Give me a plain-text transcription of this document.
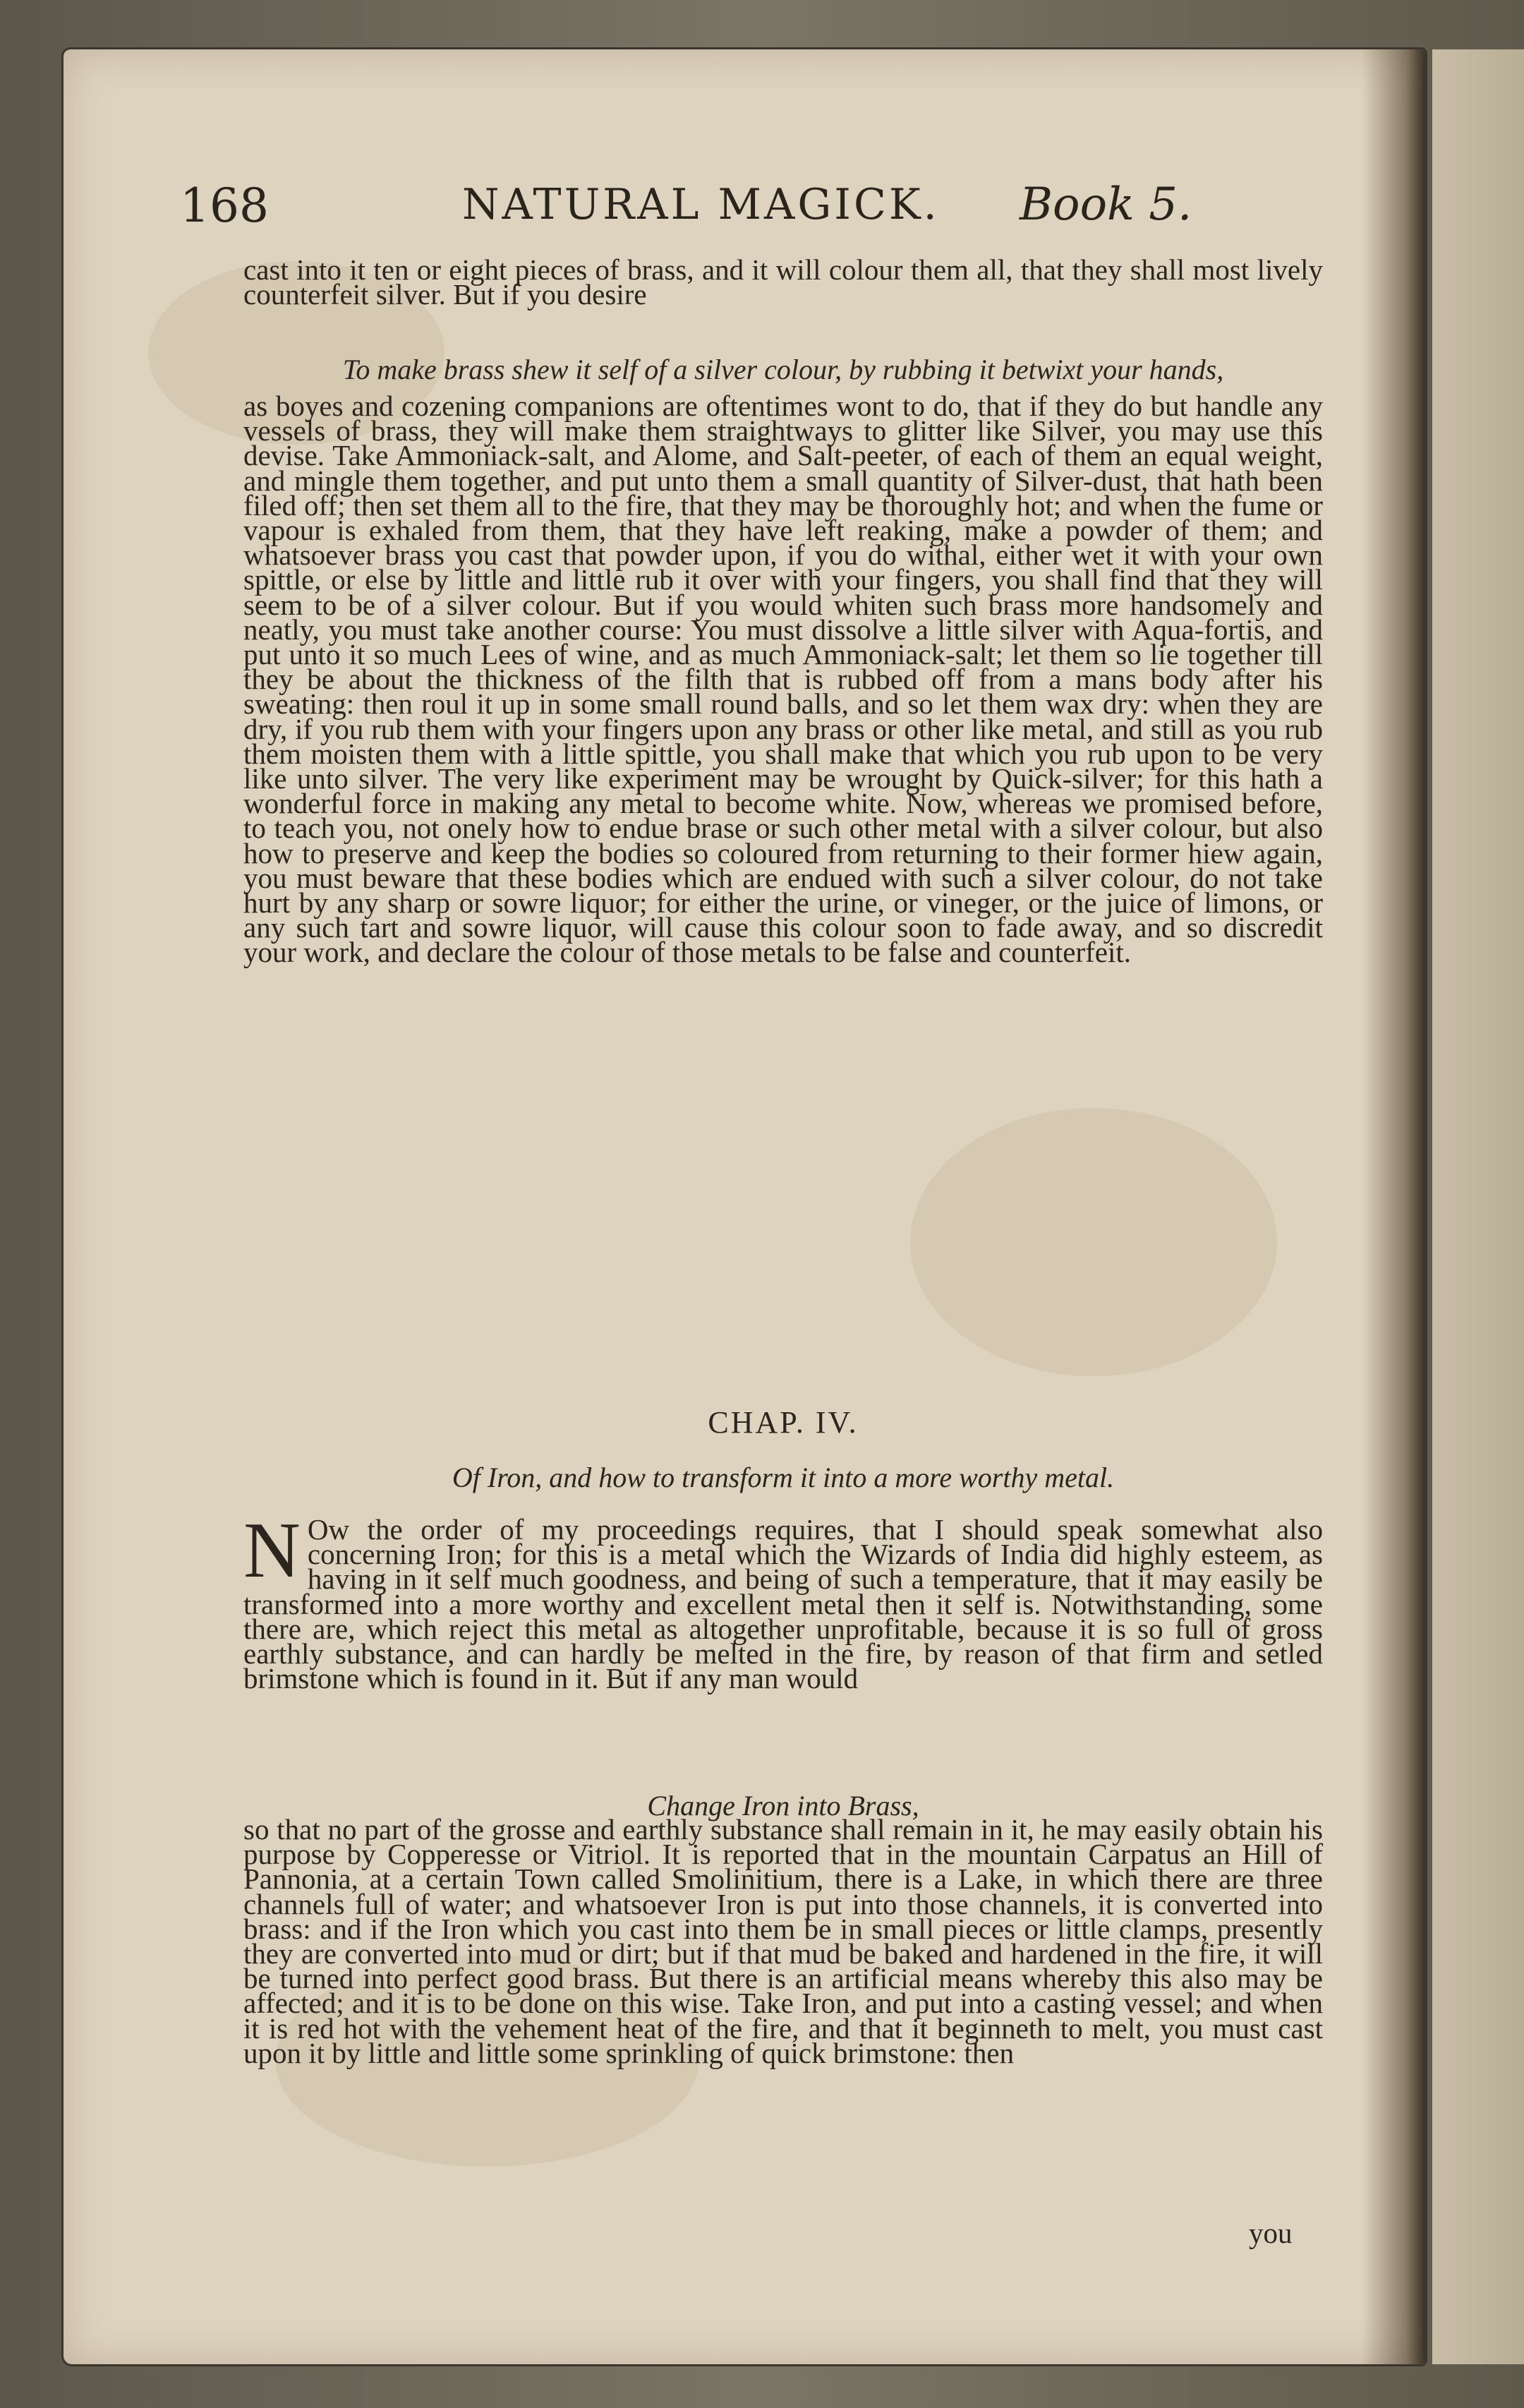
168	NATURAL MAGICK. Book 5.
cast into it ten or eight pieces of brass, and it will colour them all, that they shall most lively counterfeit silver. But if you desire
To make brass shew it self of a silver colour, by rubbing it betwixt your hands,
as boyes and cozening companions are oftentimes wont to do, that if they do but handle any vessels of brass, they will make them straightways to glitter like Silver, you may use this devise. Take Ammoniack-salt, and Alome, and Salt-peeter, of each of them an equal weight, and mingle them together, and put unto them a small quantity of Silver-dust, that hath been filed off; then set them all to the fire, that they may be thoroughly hot; and when the fume or vapour is exhaled from them, that they have left reaking, make a powder of them; and whatsoever brass you cast that powder upon, if you do withal, either wet it with your own spittle, or else by little and little rub it over with your fingers, you shall find that they will seem to be of a silver colour. But if you would whiten such brass more handsomely and neatly, you must take another course: You must dissolve a little silver with Aqua-fortis, and put unto it so much Lees of wine, and as much Ammoniack-salt; let them so lie together till they be about the thickness of the filth that is rubbed off from a mans body after his sweating: then roul it up in some small round balls, and so let them wax dry: when they are dry, if you rub them with your fingers upon any brass or other like metal, and still as you rub them moisten them with a little spittle, you shall make that which you rub upon to be very like unto silver. The very like experiment may be wrought by Quick-silver; for this hath a wonderful force in making any metal to become white. Now, whereas we promised before, to teach you, not onely how to endue brase or such other metal with a silver colour, but also how to preserve and keep the bodies so coloured from returning to their former hiew again, you must beware that these bodies which are endued with such a silver colour, do not take hurt by any sharp or sowre liquor; for either the urine, or vineger, or the juice of limons, or any such tart and sowre liquor, will cause this colour soon to fade away, and so discredit your work, and declare the colour of those metals to be false and counterfeit.
CHAP. IV.
Of Iron, and how to transform it into a more worthy metal.
N Ow the order of my proceedings requires, that I should speak somewhat also concerning Iron; for this is a metal which the Wizards of India did highly esteem, as having in it self much goodness, and being of such a temperature, that it may easily be transformed into a more worthy and excellent metal then it self is. Notwithstanding, some there are, which reject this metal as altogether unprofitable, because it is so full of gross earthly substance, and can hardly be melted in the fire, by reason of that firm and setled brimstone which is found in it. But if any man would
Change Iron into Brass,
so that no part of the grosse and earthly substance shall remain in it, he may easily obtain his purpose by Copperesse or Vitriol. It is reported that in the mountain Carpatus an Hill of Pannonia, at a certain Town called Smolinitium, there is a Lake, in which there are three channels full of water; and whatsoever Iron is put into those channels, it is converted into brass: and if the Iron which you cast into them be in small pieces or little clamps, presently they are converted into mud or dirt; but if that mud be baked and hardened in the fire, it will be turned into perfect good brass. But there is an artificial means whereby this also may be affected; and it is to be done on this wise. Take Iron, and put into a casting vessel; and when it is red hot with the vehement heat of the fire, and that it beginneth to melt, you must cast upon it by little and little some sprinkling of quick brimstone: then
you
